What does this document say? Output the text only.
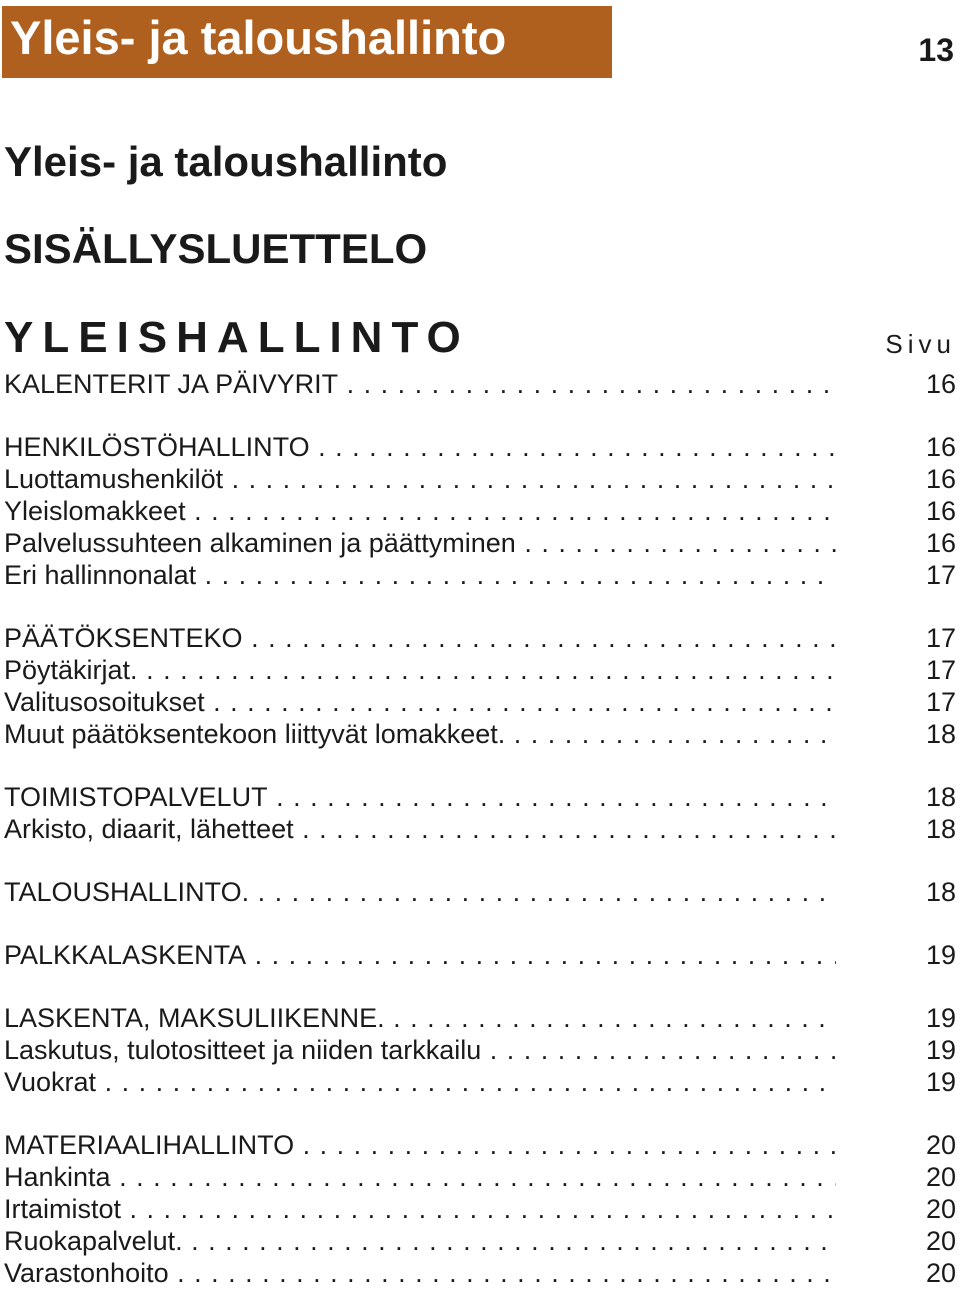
Yleis- ja taloushallinto	13
Yleis- ja taloushallinto
SISÄLLYSLUETTELO
YLEISHALLINTO	Sivu
KALENTERIT JA PÄIVYRIT . . .	16
HENKILÖSTÖHALLINTO . . .	16
Luottamushenkilöt . . .	16
Yleislomakkeet . . .	16
Palvelussuhteen alkaminen ja päättyminen . . .	16
Eri hallinnonalat . . .	17
PÄÄTÖKSENTEKO . . .	17
Pöytäkirjat. . . .	17
Valitusosoitukset . . .	17
Muut päätöksentekoon liittyvät lomakkeet. . . .	18
TOIMISTOPALVELUT . . .	18
Arkisto, diaarit, lähetteet . . .	18
TALOUSHALLINTO. . . .	18
PALKKALASKENTA . . .	19
LASKENTA, MAKSULIIKENNE. . . .	19
Laskutus, tulotositteet ja niiden tarkkailu . . .	19
Vuokrat . . .	19
MATERIAALIHALLINTO . . .	20
Hankinta . . .	20
Irtaimistot . . .	20
Ruokapalvelut. . . .	20
Varastonhoito . . .	20
